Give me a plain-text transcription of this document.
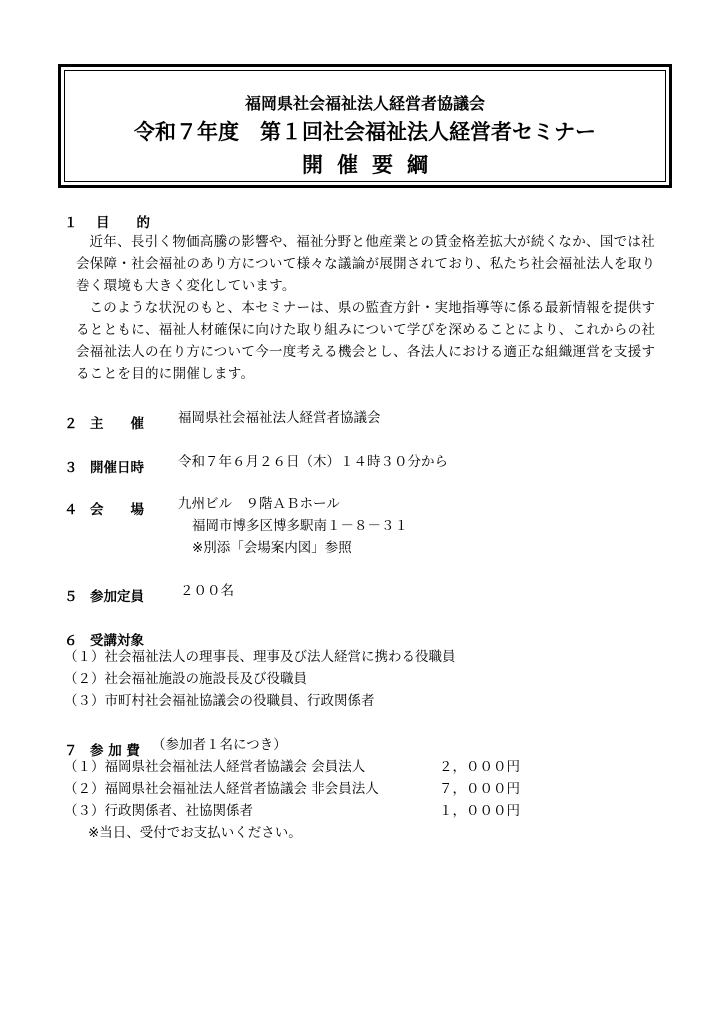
福岡県社会福祉法人経営者協議会
令和７年度　第１回社会福祉法人経営者セミナー
開催要綱
１ 目　　的

近年、長引く物価高騰の影響や、福祉分野と他産業との賃金格差拡大が続くなか、国では社会保障・社会福祉のあり方について様々な議論が展開されており、私たち社会福祉法人を取り巻く環境も大きく変化しています。

このような状況のもと、本セミナーは、県の監査方針・実地指導等に係る最新情報を提供するとともに、福祉人材確保に向けた取り組みについて学びを深めることにより、これからの社会福祉法人の在り方について今一度考える機会とし、各法人における適正な組織運営を支援することを目的に開催します。

２ 主　　催	福岡県社会福祉法人経営者協議会
３ 開催日時	令和７年６月２６日（木）１４時３０分から
４ 会　　場	九州ビル　９階ＡＢホール
福岡市博多区博多駅南１－８－３１
※別添「会場案内図」参照
５ 参加定員	２００名
６ 受講対象
（１）社会福祉法人の理事長、理事及び法人経営に携わる役職員
（２）社会福祉施設の施設長及び役職員
（３）市町村社会福祉協議会の役職員、行政関係者
７ 参 加 費 （参加者１名につき）
（１）福岡県社会福祉法人経営者協議会 会員法人	２，０００円
（２）福岡県社会福祉法人経営者協議会 非会員法人	７，０００円
（３）行政関係者、社協関係者	１，０００円
※当日、受付でお支払いください。
